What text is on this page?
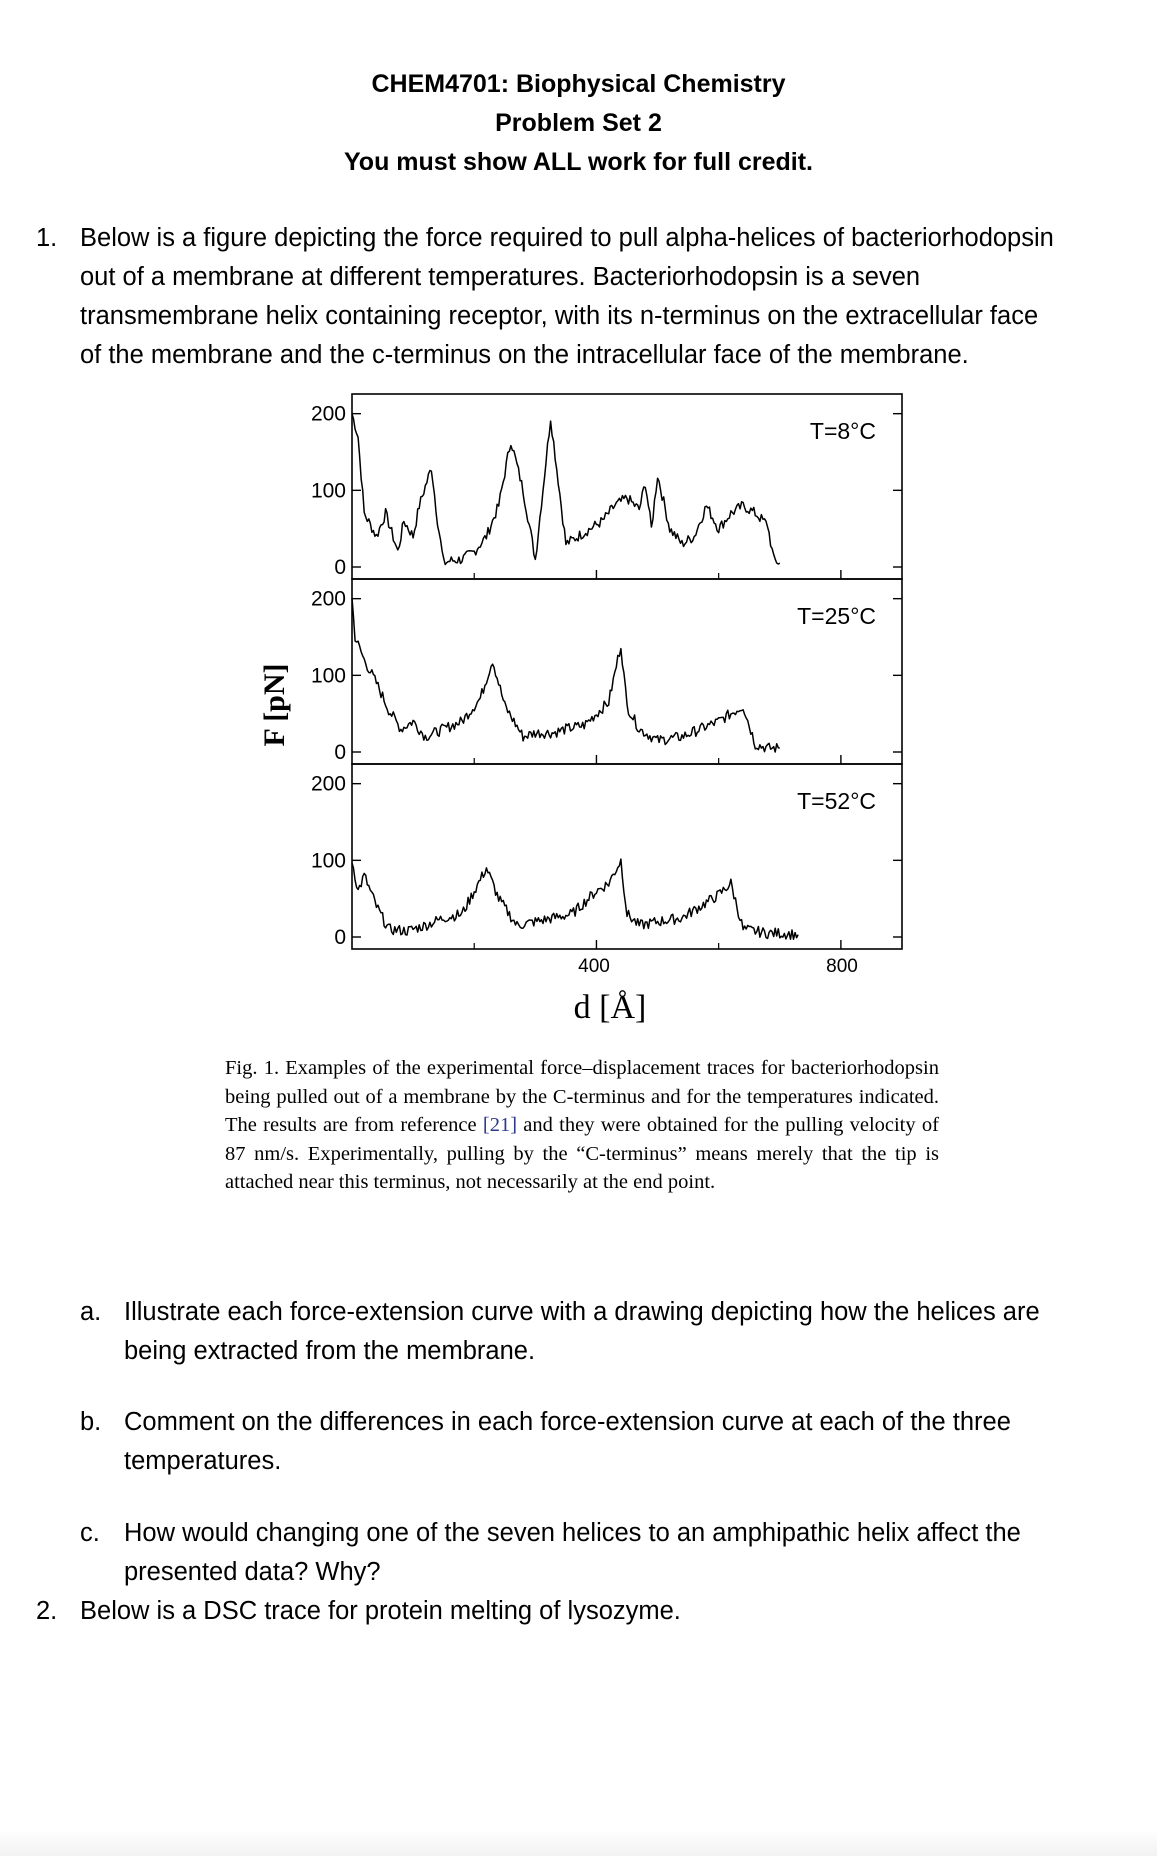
CHEM4701: Biophysical Chemistry
Problem Set 2
You must show ALL work for full credit.
1. Below is a figure depicting the force required to pull alpha-helices of bacteriorhodopsin
out of a membrane at different temperatures. Bacteriorhodopsin is a seven
transmembrane helix containing receptor, with its n-terminus on the extracellular face
of the membrane and the c-terminus on the intracellular face of the membrane.
F [pN]
0
100
200
T=8°C
0
100
200
T=25°C
0
100
200
T=52°C
400	800
d [Å]
Fig. 1. Examples of the experimental force–displacement traces for bacteriorhodopsin being pulled out of a membrane by the C-terminus and for the temperatures indicated. The results are from reference [21] and they were obtained for the pulling velocity of 87 nm/s. Experimentally, pulling by the “C-terminus” means merely that the tip is attached near this terminus, not necessarily at the end point.
a. Illustrate each force-extension curve with a drawing depicting how the helices are
being extracted from the membrane.
b. Comment on the differences in each force-extension curve at each of the three
temperatures.
c. How would changing one of the seven helices to an amphipathic helix affect the
presented data? Why?
2. Below is a DSC trace for protein melting of lysozyme.
